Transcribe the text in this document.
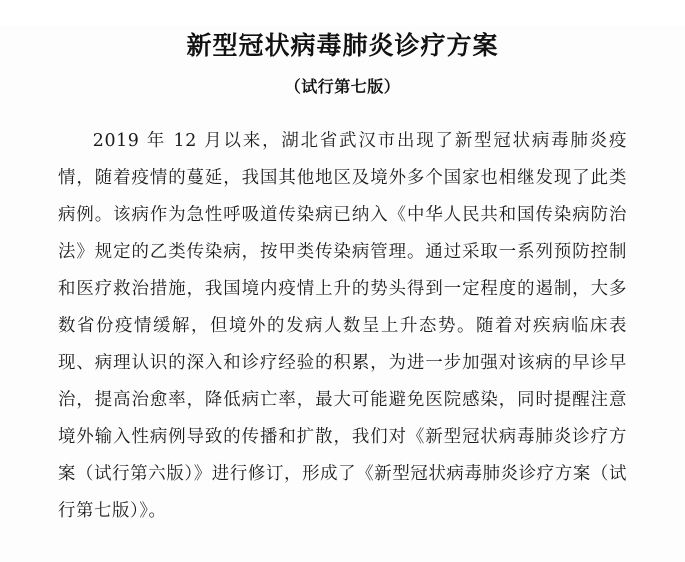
新型冠状病毒肺炎诊疗方案
（试行第七版）

2019 年 12 月以来，湖北省武汉市出现了新型冠状病毒肺炎疫情，随着疫情的蔓延，我国其他地区及境外多个国家也相继发现了此类病例。该病作为急性呼吸道传染病已纳入《中华人民共和国传染病防治法》规定的乙类传染病，按甲类传染病管理。通过采取一系列预防控制和医疗救治措施，我国境内疫情上升的势头得到一定程度的遏制，大多数省份疫情缓解，但境外的发病人数呈上升态势。随着对疾病临床表现、病理认识的深入和诊疗经验的积累，为进一步加强对该病的早诊早治，提高治愈率，降低病亡率，最大可能避免医院感染，同时提醒注意境外输入性病例导致的传播和扩散，我们对《新型冠状病毒肺炎诊疗方案（试行第六版）》进行修订，形成了《新型冠状病毒肺炎诊疗方案（试行第七版）》。
